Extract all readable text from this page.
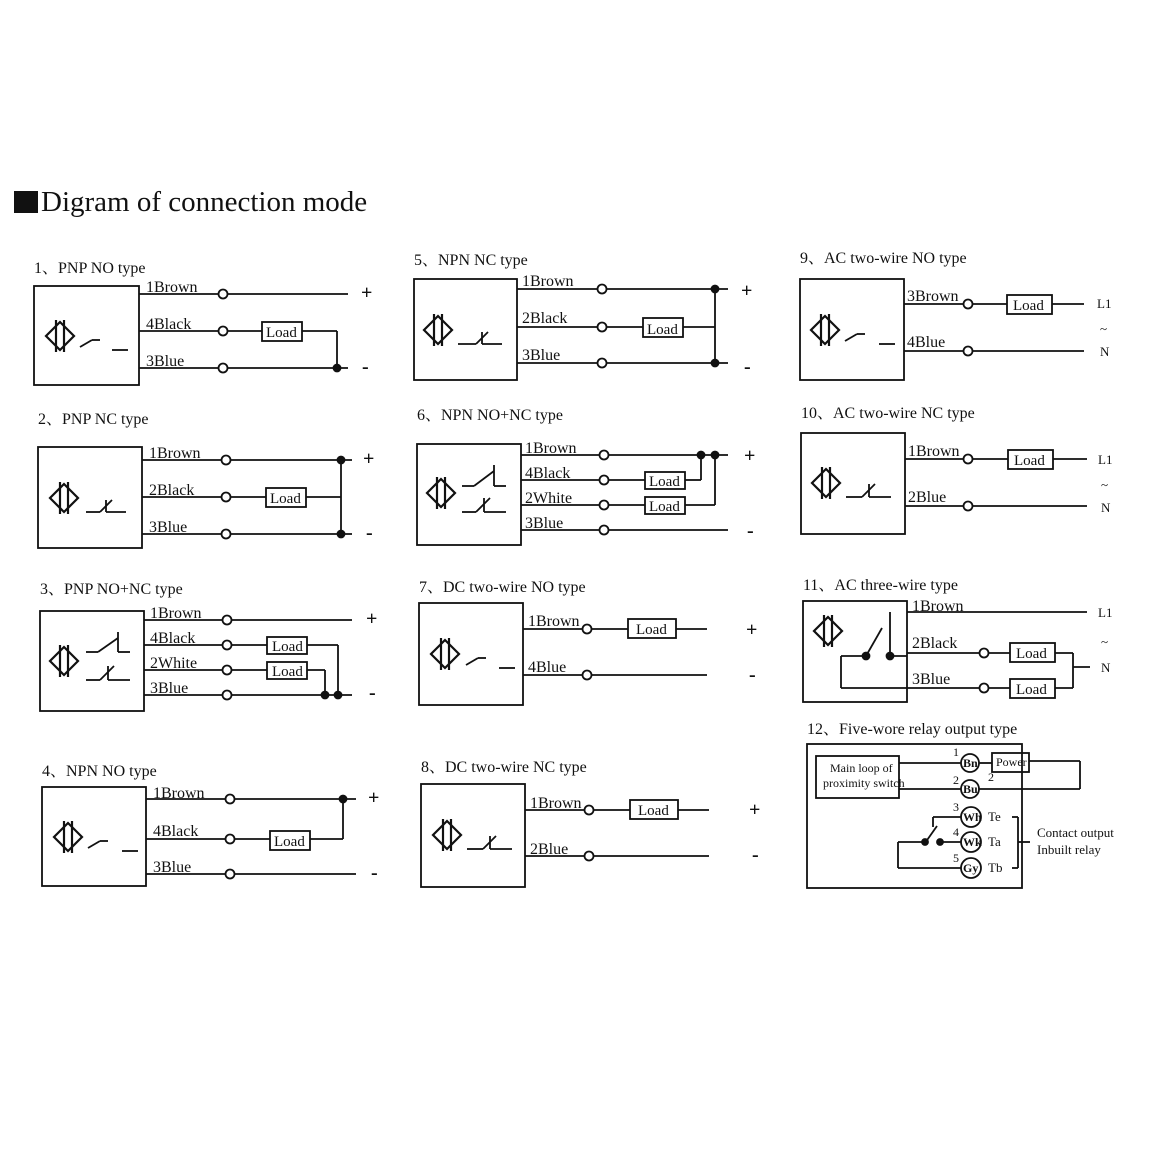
Digram of connection mode
1、PNP NO type
1Brown
4Black
3Blue
Load
+
-
2、PNP NC type
1Brown
2Black
3Blue
Load
+
-
3、PNP NO+NC type
1Brown
4Black
2White
3Blue
Load
Load
+
-
4、NPN NO type
1Brown
4Black
3Blue
Load
+
-
5、NPN NC type
1Brown
2Black
3Blue
Load
+
-
6、NPN NO+NC type
1Brown
4Black
2White
3Blue
Load
Load
+
-
7、DC two-wire NO type
1Brown
4Blue
Load	+
-
8、DC two-wire NC type
1Brown
2Blue
Load	+
-
9、AC two-wire NO type
3Brown
4Blue
Load	L1
~
N
10、AC two-wire NC type
1Brown
2Blue
Load	L1
~
N
11、AC three-wire type
1Brown
2Black
3Blue
Load
Load
L1
~
N
12、Five-wore relay output type
Main loop of
proximity switch
Power
Bn
Bu
Wh
Wk
Gy
1
2 2
3
4
5
Te
Ta
Tb
Contact output
Inbuilt relay
